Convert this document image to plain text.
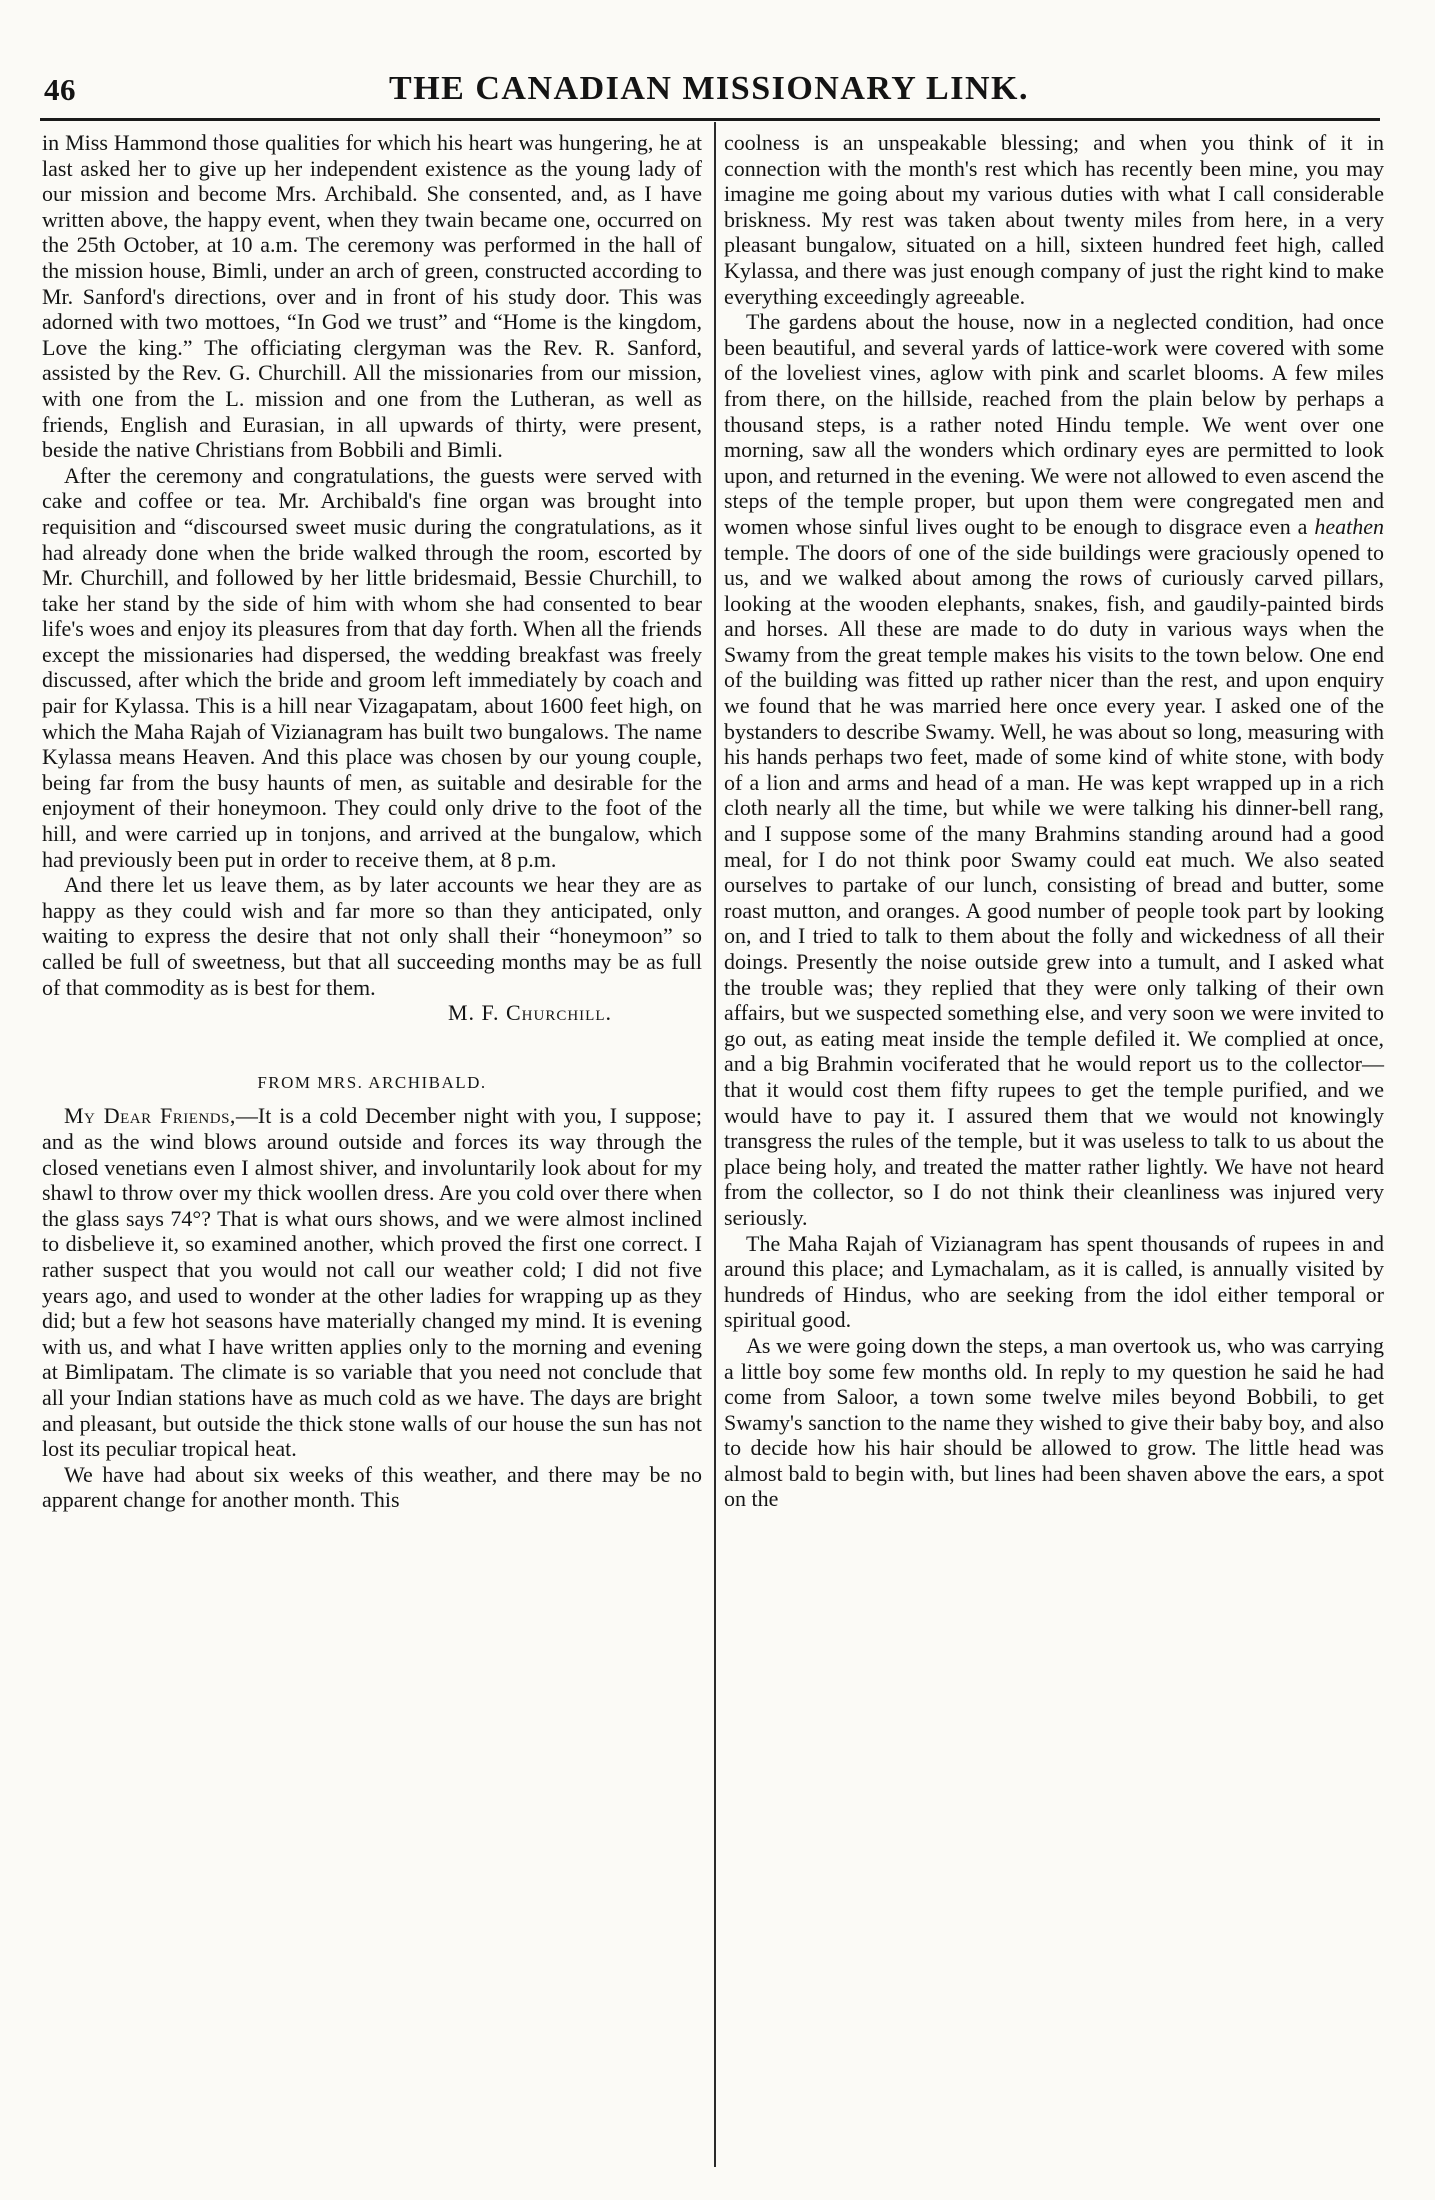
46	THE CANADIAN MISSIONARY LINK.

in Miss Hammond those qualities for which his heart was hungering, he at last asked her to give up her independent existence as the young lady of our mission and become Mrs. Archibald. She consented, and, as I have written above, the happy event, when they twain became one, occurred on the 25th October, at 10 a.m. The ceremony was performed in the hall of the mission house, Bimli, under an arch of green, constructed according to Mr. Sanford's directions, over and in front of his study door. This was adorned with two mottoes, “In God we trust” and “Home is the kingdom, Love the king.” The officiating clergyman was the Rev. R. Sanford, assisted by the Rev. G. Churchill. All the missionaries from our mission, with one from the L. mission and one from the Lutheran, as well as friends, English and Eurasian, in all upwards of thirty, were present, beside the native Christians from Bobbili and Bimli.

After the ceremony and congratulations, the guests were served with cake and coffee or tea. Mr. Archibald's fine organ was brought into requisition and “discoursed sweet music during the congratulations, as it had already done when the bride walked through the room, escorted by Mr. Churchill, and followed by her little bridesmaid, Bessie Churchill, to take her stand by the side of him with whom she had consented to bear life's woes and enjoy its pleasures from that day forth. When all the friends except the missionaries had dispersed, the wedding breakfast was freely discussed, after which the bride and groom left immediately by coach and pair for Kylassa. This is a hill near Vizagapatam, about 1600 feet high, on which the Maha Rajah of Vizianagram has built two bungalows. The name Kylassa means Heaven. And this place was chosen by our young couple, being far from the busy haunts of men, as suitable and desirable for the enjoyment of their honeymoon. They could only drive to the foot of the hill, and were carried up in tonjons, and arrived at the bungalow, which had previously been put in order to receive them, at 8 p.m.

And there let us leave them, as by later accounts we hear they are as happy as they could wish and far more so than they anticipated, only waiting to express the desire that not only shall their “honeymoon” so called be full of sweetness, but that all succeeding months may be as full of that commodity as is best for them.

M. F. Churchill.

FROM MRS. ARCHIBALD.

My Dear Friends,—It is a cold December night with you, I suppose; and as the wind blows around outside and forces its way through the closed venetians even I almost shiver, and involuntarily look about for my shawl to throw over my thick woollen dress. Are you cold over there when the glass says 74°? That is what ours shows, and we were almost inclined to disbelieve it, so examined another, which proved the first one correct. I rather suspect that you would not call our weather cold; I did not five years ago, and used to wonder at the other ladies for wrapping up as they did; but a few hot seasons have materially changed my mind. It is evening with us, and what I have written applies only to the morning and evening at Bimlipatam. The climate is so variable that you need not conclude that all your Indian stations have as much cold as we have. The days are bright and pleasant, but outside the thick stone walls of our house the sun has not lost its peculiar tropical heat.

We have had about six weeks of this weather, and there may be no apparent change for another month. This

coolness is an unspeakable blessing; and when you think of it in connection with the month's rest which has recently been mine, you may imagine me going about my various duties with what I call considerable briskness. My rest was taken about twenty miles from here, in a very pleasant bungalow, situated on a hill, sixteen hundred feet high, called Kylassa, and there was just enough company of just the right kind to make everything exceedingly agreeable.

The gardens about the house, now in a neglected condition, had once been beautiful, and several yards of lattice-work were covered with some of the loveliest vines, aglow with pink and scarlet blooms. A few miles from there, on the hillside, reached from the plain below by perhaps a thousand steps, is a rather noted Hindu temple. We went over one morning, saw all the wonders which ordinary eyes are permitted to look upon, and returned in the evening. We were not allowed to even ascend the steps of the temple proper, but upon them were congregated men and women whose sinful lives ought to be enough to disgrace even a heathen temple. The doors of one of the side buildings were graciously opened to us, and we walked about among the rows of curiously carved pillars, looking at the wooden elephants, snakes, fish, and gaudily-painted birds and horses. All these are made to do duty in various ways when the Swamy from the great temple makes his visits to the town below. One end of the building was fitted up rather nicer than the rest, and upon enquiry we found that he was married here once every year. I asked one of the bystanders to describe Swamy. Well, he was about so long, measuring with his hands perhaps two feet, made of some kind of white stone, with body of a lion and arms and head of a man. He was kept wrapped up in a rich cloth nearly all the time, but while we were talking his dinner-bell rang, and I suppose some of the many Brahmins standing around had a good meal, for I do not think poor Swamy could eat much. We also seated ourselves to partake of our lunch, consisting of bread and butter, some roast mutton, and oranges. A good number of people took part by looking on, and I tried to talk to them about the folly and wickedness of all their doings. Presently the noise outside grew into a tumult, and I asked what the trouble was; they replied that they were only talking of their own affairs, but we suspected something else, and very soon we were invited to go out, as eating meat inside the temple defiled it. We complied at once, and a big Brahmin vociferated that he would report us to the collector—that it would cost them fifty rupees to get the temple purified, and we would have to pay it. I assured them that we would not knowingly transgress the rules of the temple, but it was useless to talk to us about the place being holy, and treated the matter rather lightly. We have not heard from the collector, so I do not think their cleanliness was injured very seriously.

The Maha Rajah of Vizianagram has spent thousands of rupees in and around this place; and Lymachalam, as it is called, is annually visited by hundreds of Hindus, who are seeking from the idol either temporal or spiritual good.

As we were going down the steps, a man overtook us, who was carrying a little boy some few months old. In reply to my question he said he had come from Saloor, a town some twelve miles beyond Bobbili, to get Swamy's sanction to the name they wished to give their baby boy, and also to decide how his hair should be allowed to grow. The little head was almost bald to begin with, but lines had been shaven above the ears, a spot on the
